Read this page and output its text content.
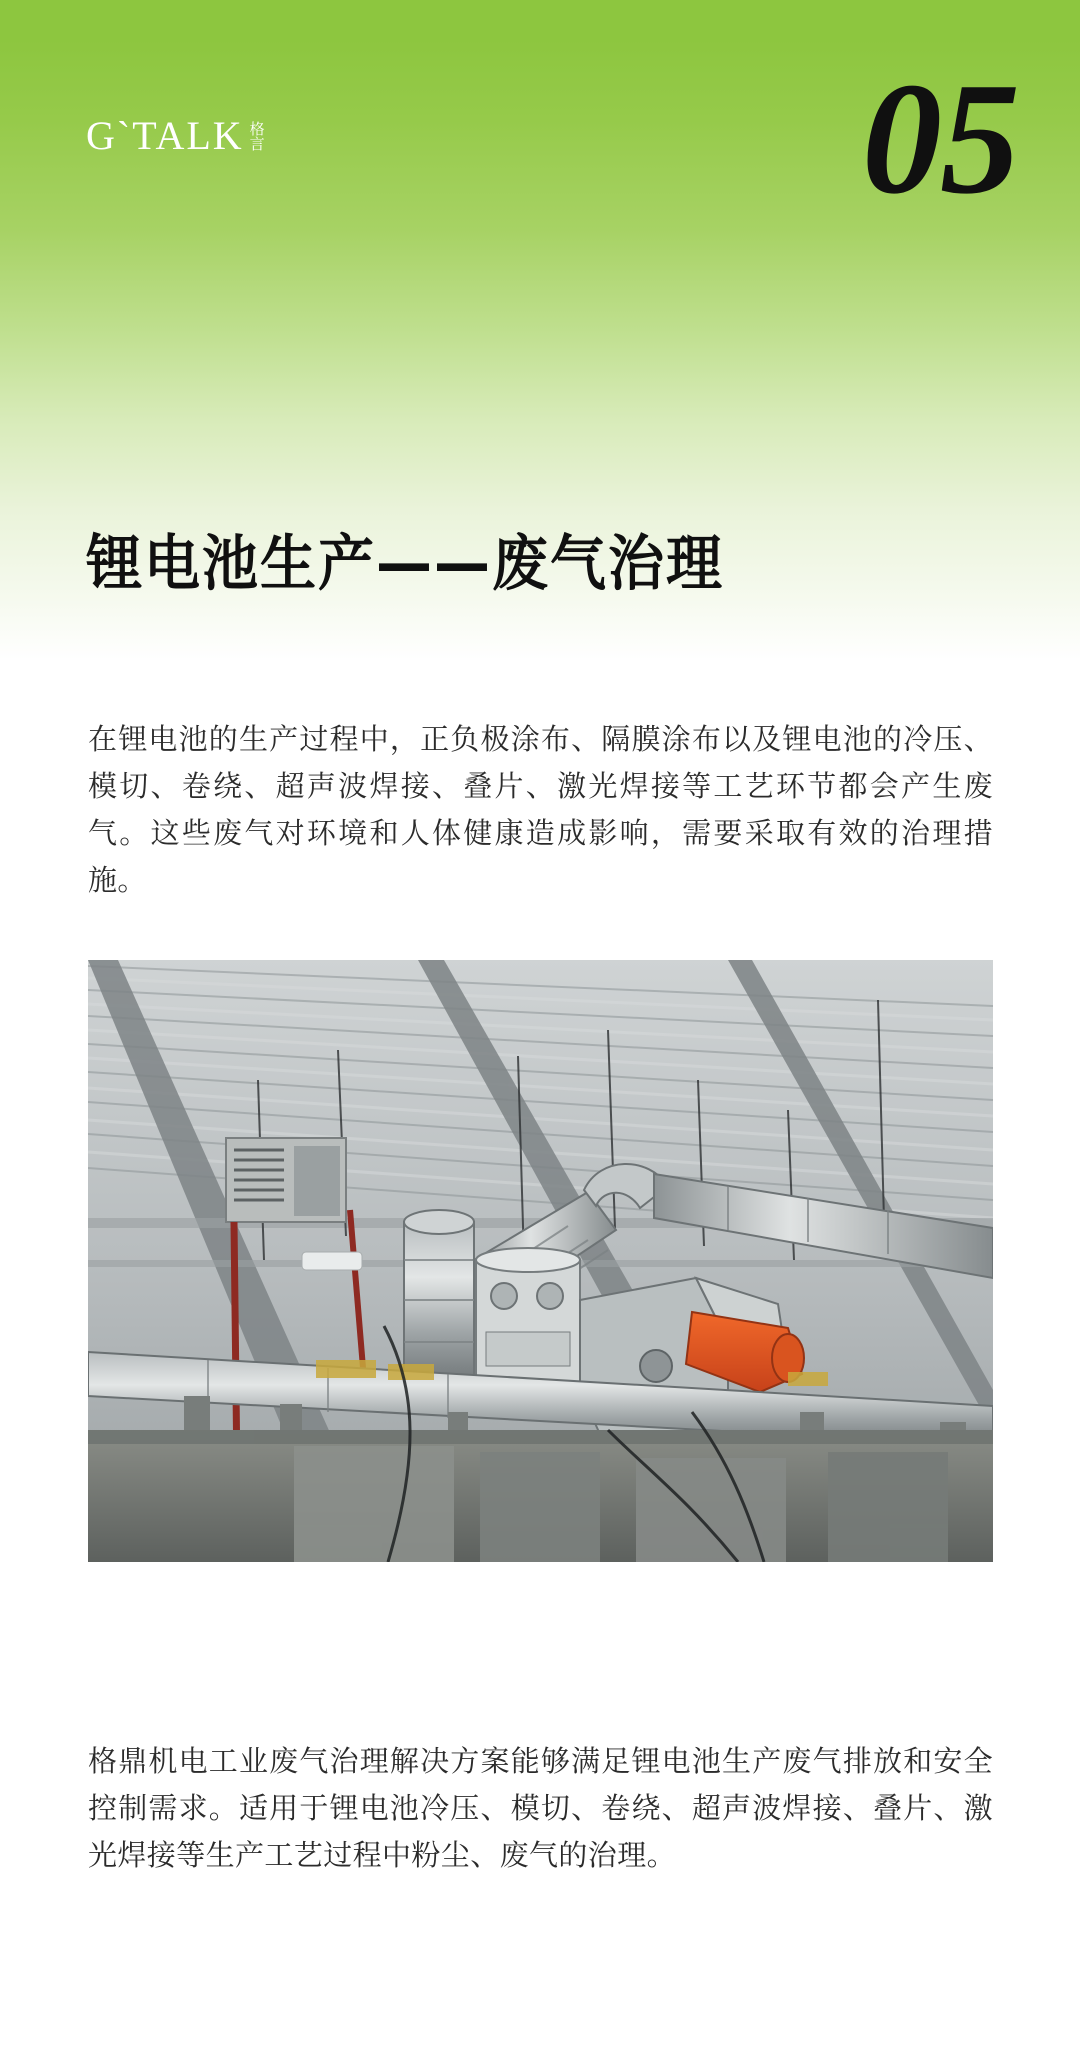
G`TALK 格
言	05
锂电池生产——废气治理

在锂电池的生产过程中，正负极涂布、隔膜涂布以及锂电池的冷压、模切、卷绕、超声波焊接、叠片、激光焊接等工艺环节都会产生废气。这些废气对环境和人体健康造成影响，需要采取有效的治理措施。

格鼎机电工业废气治理解决方案能够满足锂电池生产废气排放和安全控制需求。适用于锂电池冷压、模切、卷绕、超声波焊接、叠片、激光焊接等生产工艺过程中粉尘、废气的治理。
